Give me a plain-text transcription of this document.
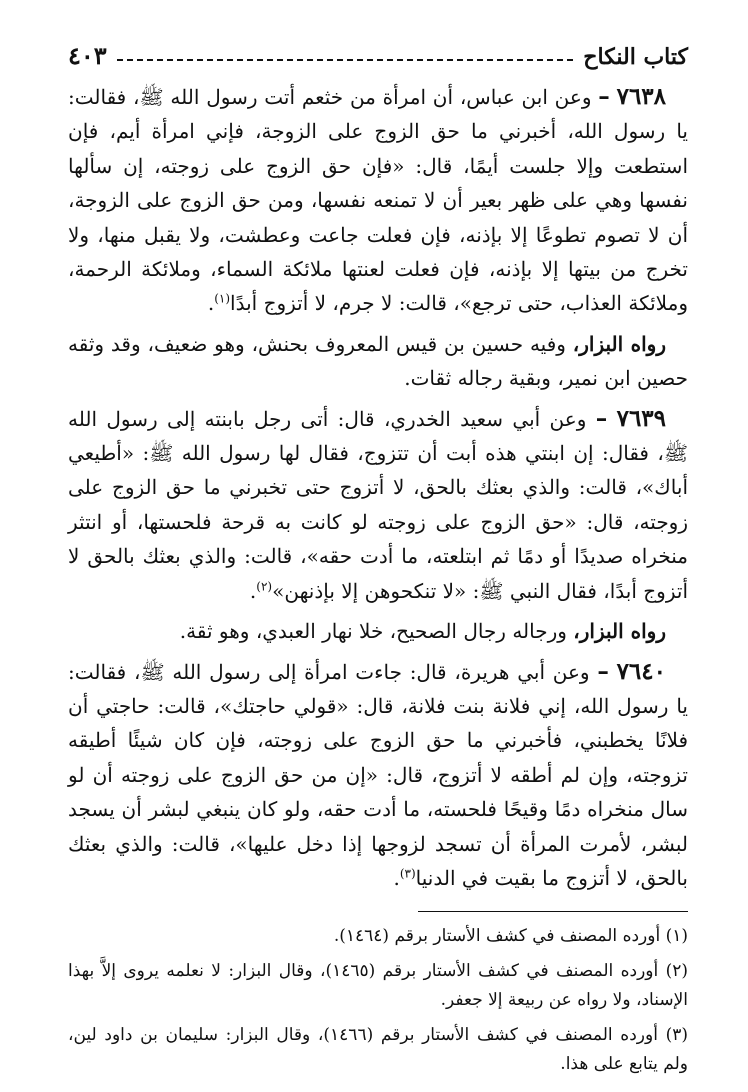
كتاب النكاح
٤٠٣

٧٦٣٨ – وعن ابن عباس، أن امرأة من خثعم أتت رسول الله ﷺ، فقالت: يا رسول الله، أخبرني ما حق الزوج على الزوجة، فإني امرأة أيم، فإن استطعت وإلا جلست أيمًا، قال: «فإن حق الزوج على زوجته، إن سألها نفسها وهي على ظهر بعير أن لا تمنعه نفسها، ومن حق الزوج على الزوجة، أن لا تصوم تطوعًا إلا بإذنه، فإن فعلت جاعت وعطشت، ولا يقبل منها، ولا تخرج من بيتها إلا بإذنه، فإن فعلت لعنتها ملائكة السماء، وملائكة الرحمة، وملائكة العذاب، حتى ترجع»، قالت: لا جرم، لا أتزوج أبدًا$^{(١)}$.

رواه البزار، وفيه حسين بن قيس المعروف بحنش، وهو ضعيف، وقد وثقه حصين ابن نمير، وبقية رجاله ثقات.

٧٦٣٩ – وعن أبي سعيد الخدري، قال: أتى رجل بابنته إلى رسول الله ﷺ، فقال: إن ابنتي هذه أبت أن تتزوج، فقال لها رسول الله ﷺ: «أطيعي أباك»، قالت: والذي بعثك بالحق، لا أتزوج حتى تخبرني ما حق الزوج على زوجته، قال: «حق الزوج على زوجته لو كانت به قرحة فلحستها، أو انتثر منخراه صديدًا أو دمًا ثم ابتلعته، ما أدت حقه»، قالت: والذي بعثك بالحق لا أتزوج أبدًا، فقال النبي ﷺ: «لا تنكحوهن إلا بإذنهن»$^{(٢)}$.

رواه البزار، ورجاله رجال الصحيح، خلا نهار العبدي، وهو ثقة.

٧٦٤٠ – وعن أبي هريرة، قال: جاءت امرأة إلى رسول الله ﷺ، فقالت: يا رسول الله، إني فلانة بنت فلانة، قال: «قولي حاجتك»، قالت: حاجتي أن فلانًا يخطبني، فأخبرني ما حق الزوج على زوجته، فإن كان شيئًا أطيقه تزوجته، وإن لم أطقه لا أتزوج، قال: «إن من حق الزوج على زوجته أن لو سال منخراه دمًا وقيحًا فلحسته، ما أدت حقه، ولو كان ينبغي لبشر أن يسجد لبشر، لأمرت المرأة أن تسجد لزوجها إذا دخل عليها»، قالت: والذي بعثك بالحق، لا أتزوج ما بقيت في الدنيا$^{(٣)}$.

(١) أورده المصنف في كشف الأستار برقم (١٤٦٤).

(٢) أورده المصنف في كشف الأستار برقم (١٤٦٥)، وقال البزار: لا نعلمه يروى إلاَّ بهذا الإسناد، ولا رواه عن ربيعة إلا جعفر.

(٣) أورده المصنف في كشف الأستار برقم (١٤٦٦)، وقال البزار: سليمان بن داود لين، ولم يتابع على هذا.
